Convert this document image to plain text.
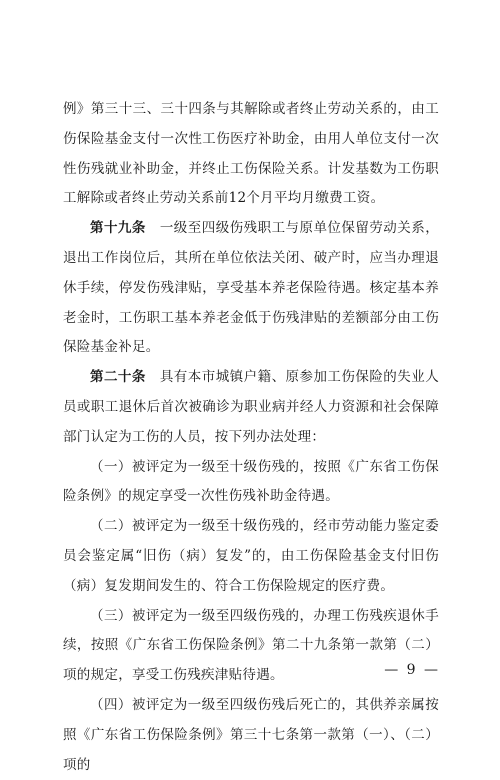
例》第三十三、三十四条与其解除或者终止劳动关系的，由工伤保险基金支付一次性工伤医疗补助金，由用人单位支付一次性伤残就业补助金，并终止工伤保险关系。计发基数为工伤职工解除或者终止劳动关系前12个月平均月缴费工资。

第十九条　一级至四级伤残职工与原单位保留劳动关系，退出工作岗位后，其所在单位依法关闭、破产时，应当办理退休手续，停发伤残津贴，享受基本养老保险待遇。核定基本养老金时，工伤职工基本养老金低于伤残津贴的差额部分由工伤保险基金补足。

第二十条　具有本市城镇户籍、原参加工伤保险的失业人员或职工退休后首次被确诊为职业病并经人力资源和社会保障部门认定为工伤的人员，按下列办法处理：

（一）被评定为一级至十级伤残的，按照《广东省工伤保险条例》的规定享受一次性伤残补助金待遇。

（二）被评定为一级至十级伤残的，经市劳动能力鉴定委员会鉴定属“旧伤（病）复发”的，由工伤保险基金支付旧伤（病）复发期间发生的、符合工伤保险规定的医疗费。

（三）被评定为一级至四级伤残的，办理工伤残疾退休手续，按照《广东省工伤保险条例》第二十九条第一款第（二）项的规定，享受工伤残疾津贴待遇。

（四）被评定为一级至四级伤残后死亡的，其供养亲属按照《广东省工伤保险条例》第三十七条第一款第（一）、（二）项的

— 9 —
